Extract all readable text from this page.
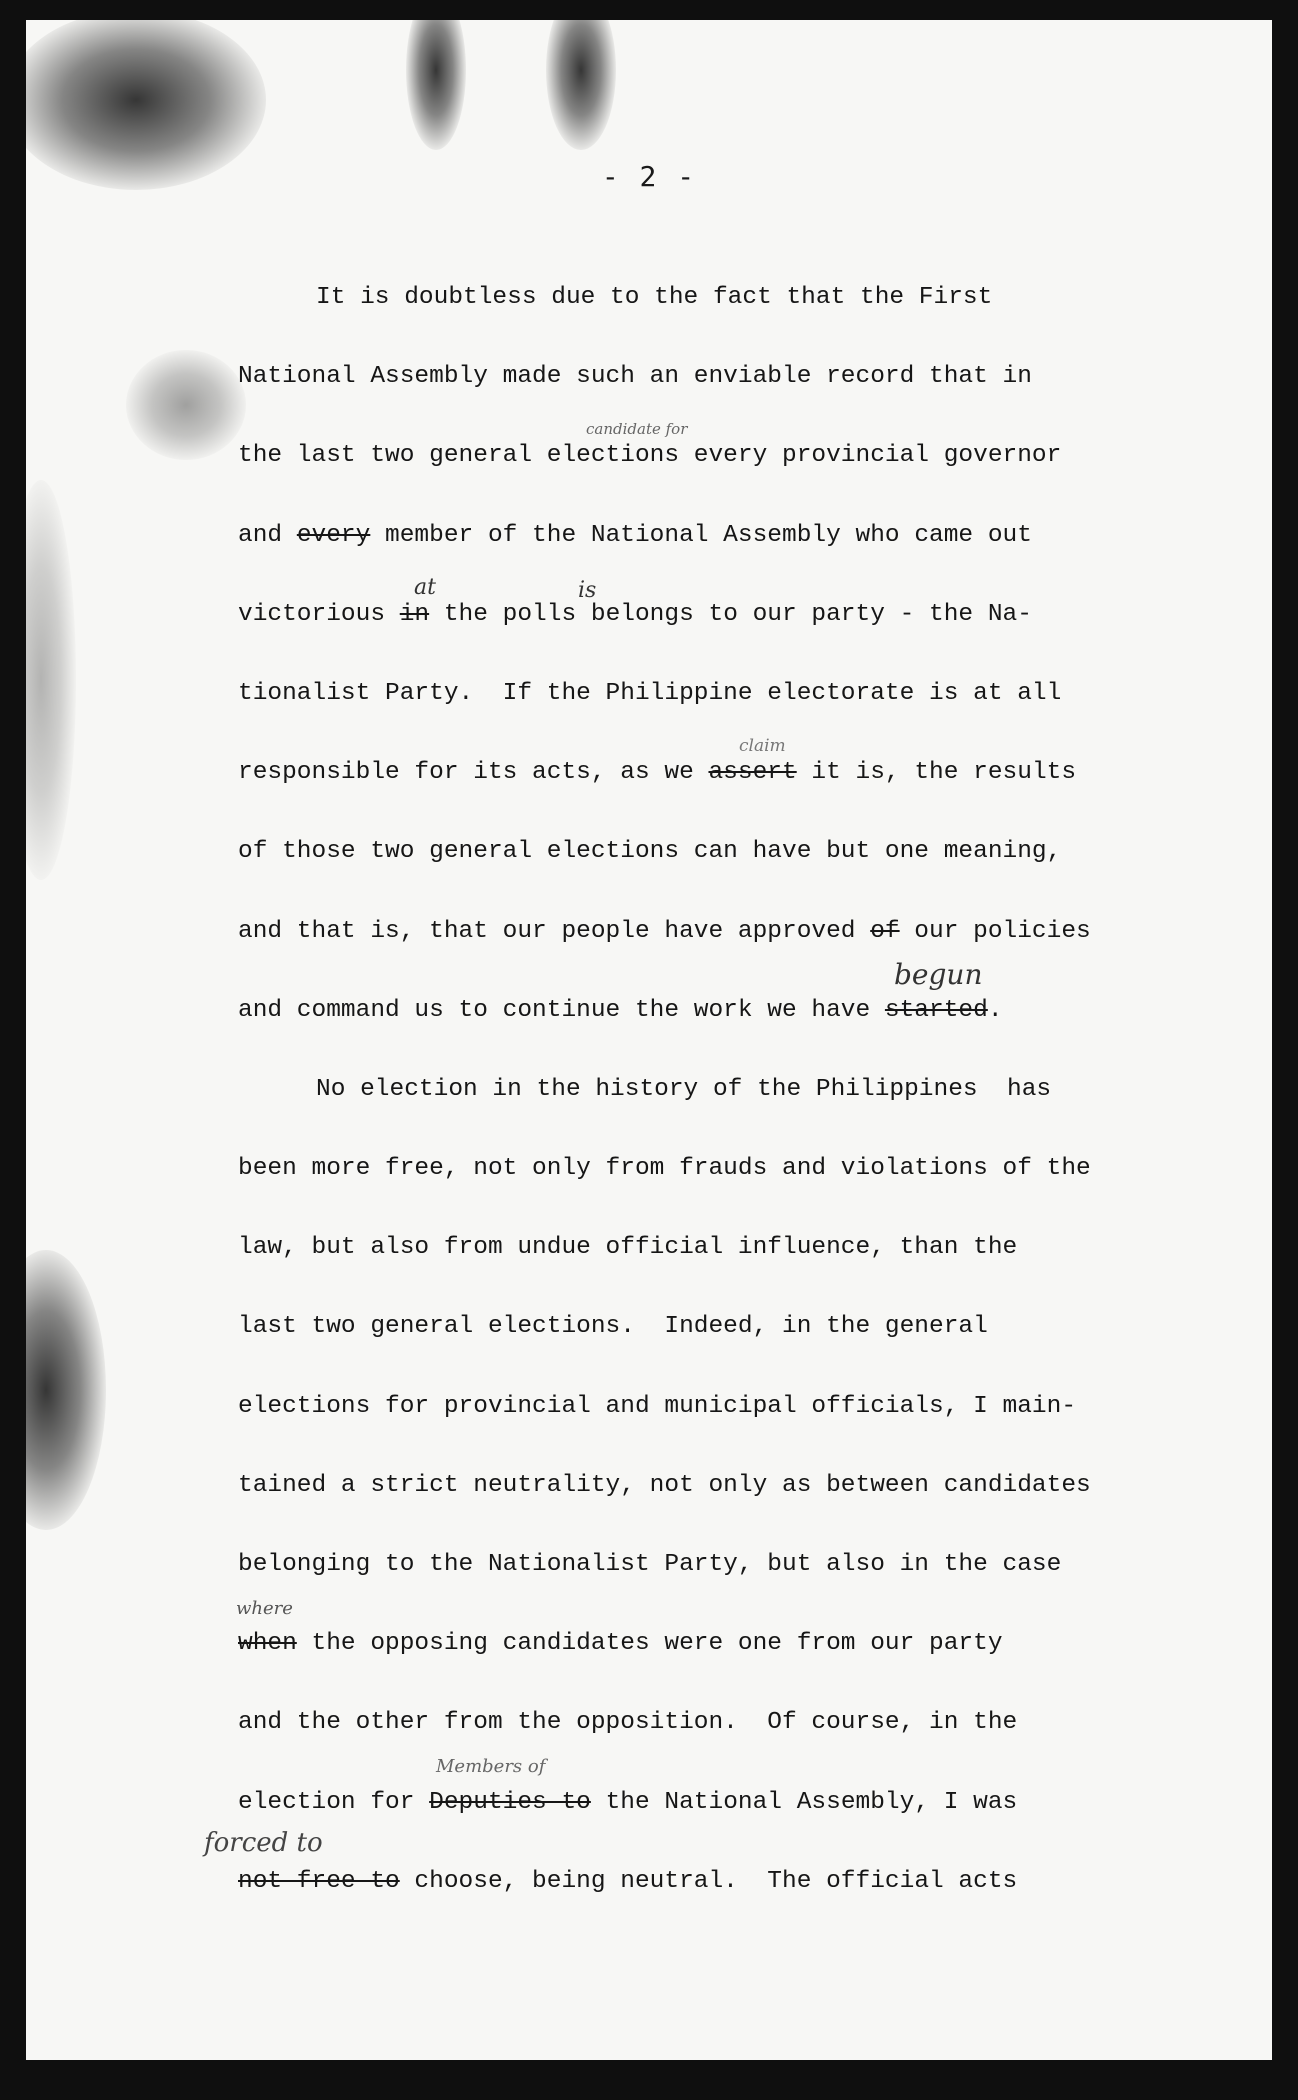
- 2 -
It is doubtless due to the fact that the First
National Assembly made such an enviable record that in
the last two general elections every provincial governor
and every member of the National Assembly who came out
victorious in the polls belongs to our party - the Na-
tionalist Party.  If the Philippine electorate is at all
responsible for its acts, as we assert it is, the results
of those two general elections can have but one meaning,
and that is, that our people have approved of our policies
and command us to continue the work we have started.
No election in the history of the Philippines  has
been more free, not only from frauds and violations of the
law, but also from undue official influence, than the
last two general elections.  Indeed, in the general
elections for provincial and municipal officials, I main-
tained a strict neutrality, not only as between candidates
belonging to the Nationalist Party, but also in the case
when the opposing candidates were one from our party
and the other from the opposition.  Of course, in the
election for Deputies to the National Assembly, I was
not free to choose, being neutral.  The official acts
candidate for
at	is
claim
begun
where
Members of
forced to
